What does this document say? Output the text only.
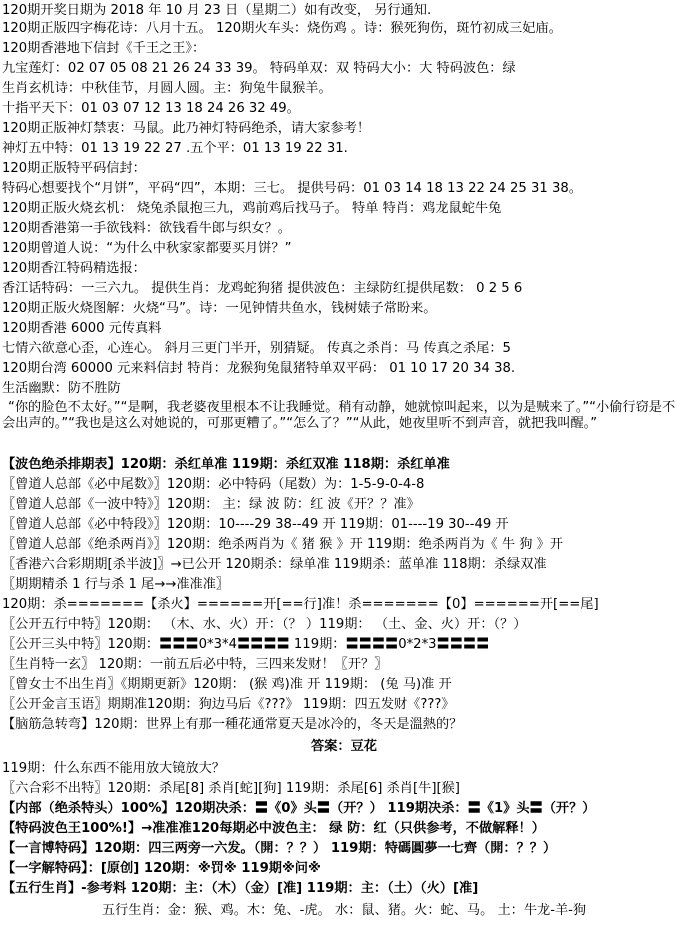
120期开奖日期为 2018 年 10 月 23 日（星期二）如有改变， 另行通知.
120期正版四字梅花诗：八月十五。 120期火车头：烧伤鸡 。诗：猴死狗伤，斑竹初成三妃庙。
120期香港地下信封《千王之王》：
九宝莲灯：02 07 05 08 21 26 24 33 39。 特码单双：双 特码大小：大 特码波色：绿
生肖玄机诗：中秋佳节，月圆人圆。主：狗兔牛鼠猴羊。
十指平天下：01 03 07 12 13 18 24 26 32 49。
120期正版神灯禁衷：马鼠。此乃神灯特码绝杀，请大家参考！
神灯五中特：01 13 19 22 27 .五个平：01 13 19 22 31.
120期正版特平码信封：
特码心想要找个“月饼”，平码“四”，本期：三七。 提供号码：01 03 14 18 13 22 24 25 31 38。
120期正版火烧玄机： 烧兔杀鼠抱三九，鸡前鸡后找马子。 特单 特肖：鸡龙鼠蛇牛兔
120期香港第一手欲钱料：欲钱看牛郎与织女？。
120期曾道人说：“为什么中秋家家都要买月饼？”
120期香江特码精选报：
香江话特码：一三六九。 提供生肖：龙鸡蛇狗猪 提供波色：主绿防红提供尾数： 0 2 5 6
120期正版火烧图解：火烧“马”。诗：一见钟情共鱼水，钱树婊子常盼来。
120期香港 6000 元传真料
七情六欲意心歪，心连心。 斜月三更门半开，别猜疑。 传真之杀肖：马 传真之杀尾：5
120期台湾 60000 元来料信封 特肖：龙猴狗兔鼠猪特单双平码： 01 10 17 20 34 38.
生活幽默：防不胜防
“你的脸色不太好。”“是啊，我老婆夜里根本不让我睡觉。稍有动静，她就惊叫起来，以为是贼来了。”“小偷行窃是不会出声的。”“我也是这么对她说的，可那更糟了。”“怎么了？”“从此，她夜里听不到声音，就把我叫醒。”
【波色绝杀排期表】120期：杀红单准 119期：杀红双准 118期：杀红单准
〖曾道人总部《必中尾数》〗120期：必中特码（尾数）为：1-5-9-0-4-8
〖曾道人总部《一波中特》〗120期： 主：绿 波 防：红 波《开？？准》
〖曾道人总部《必中特段》〗120期：10----29 38--49 开 119期：01----19 30--49 开
〖曾道人总部《绝杀两肖》〗120期：绝杀两肖为《 猪 猴 》开 119期：绝杀两肖为《 牛 狗 》开
〖香港六合彩期期[杀半波]〗→已公开 120期杀：绿单准 119期杀：蓝单准 118期：杀绿双准
〖期期精杀 1 行与杀 1 尾→→准准准〗
120期：杀=======【杀火】======开[==行]准！杀=======【0】======开[==尾]
〖公开五行中特〗120期： （木、水、火）开：（？ ）119期： （土、金、火）开：（？）
〖公开三头中特〗120期：〓〓〓0*3*4〓〓〓〓 119期：〓〓〓〓0*2*3〓〓〓〓
〖生肖特一玄〗 120期：一前五后必中特，三四来发财！〖开？〗
〖曾女士不出生肖〗《期期更新》120期： (猴 鸡)准 开 119期： (兔 马)准 开
〖公开金言玉语〗期期准120期：狗边马后《???》 119期：四五发财《???》
【脑筋急转弯】120期：世界上有那一種花通常夏天是冰冷的，冬天是溫熱的？
答案：豆花
119期：什么东西不能用放大镜放大？
〖六合彩不出特〗120期：杀尾[8] 杀肖[蛇][狗] 119期：杀尾[6] 杀肖[牛][猴]
【内部（绝杀特头）100%】120期决杀：〓《0》头〓（开？） 119期决杀：〓《1》头〓（开？）
【特码波色王100%!】→准准准120每期必中波色主： 绿 防：红（只供参考，不做解释！）
【一言博特码】120期：四三两旁一六发。（開：？？） 119期：特碼圓夢一七齊（開：？？）
【一字解特码】：[原创] 120期：※罚※ 119期※问※
【五行生肖】-参考料 120期：主：（木）（金）[准] 119期：主：（土）（火）[准]
五行生肖：金：猴、鸡。木：兔、-虎。 水：鼠、猪。火：蛇、马。 土：牛龙-羊-狗
